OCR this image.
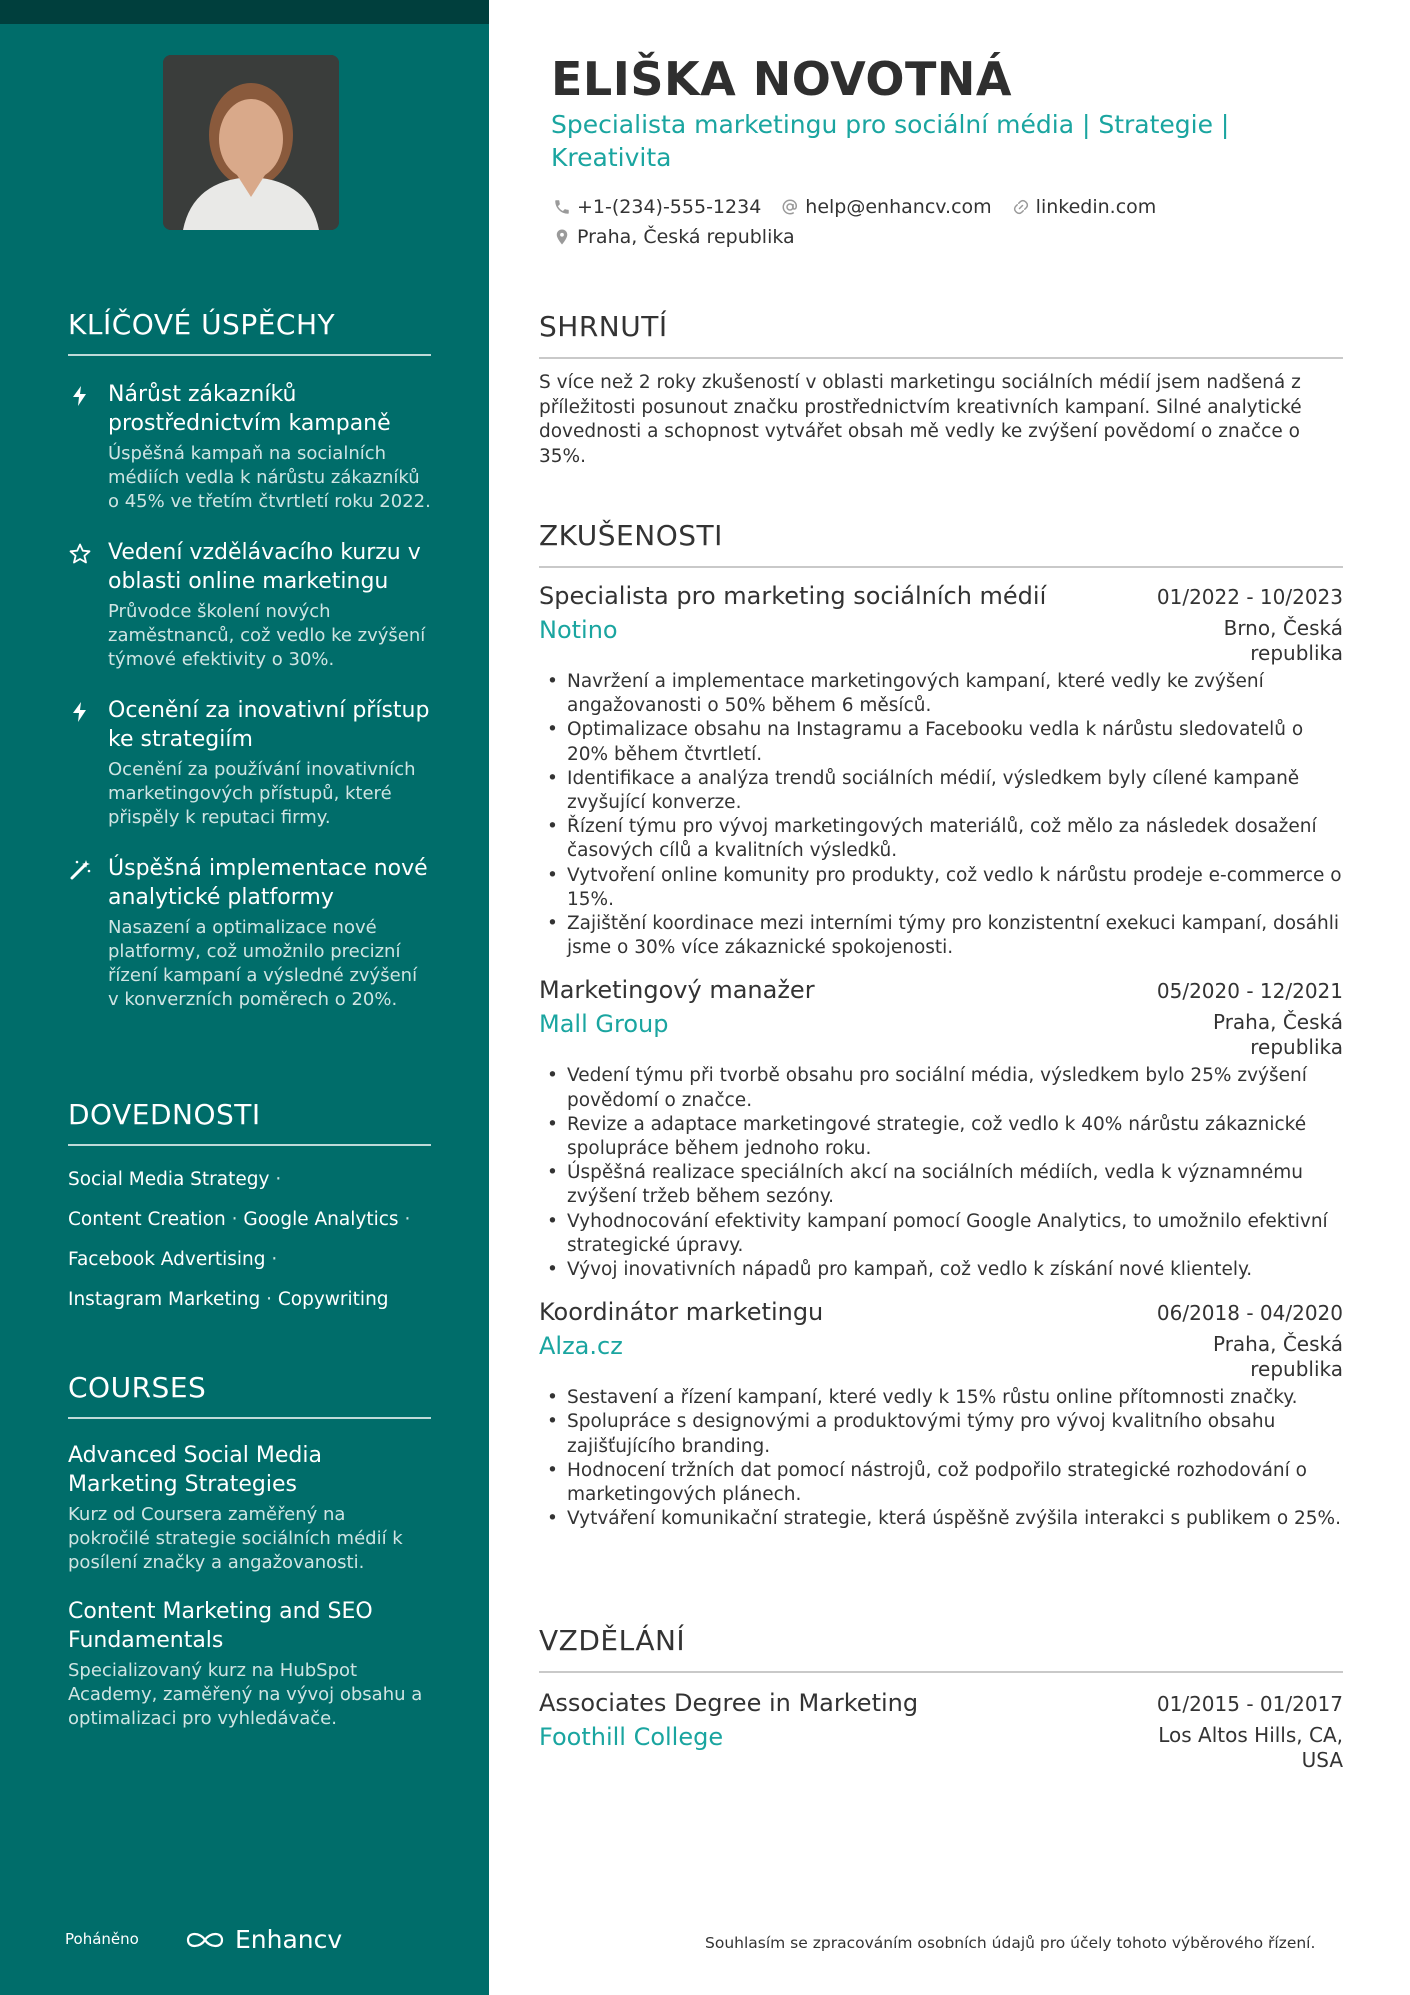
KLÍČOVÉ ÚSPĚCHY
Nárůst zákazníků prostřednictvím kampaně
Úspěšná kampaň na socialních médiích vedla k nárůstu zákazníků o 45% ve třetím čtvrtletí roku 2022.
Vedení vzdělávacího kurzu v oblasti online marketingu
Průvodce školení nových zaměstnanců, což vedlo ke zvýšení týmové efektivity o 30%.
Ocenění za inovativní přístup ke strategiím
Ocenění za používání inovativních marketingových přístupů, které přispěly k reputaci firmy.
Úspěšná implementace nové analytické platformy
Nasazení a optimalizace nové platformy, což umožnilo precizní řízení kampaní a výsledné zvýšení v konverzních poměrech o 20%.
DOVEDNOSTI
Social Media Strategy ·
Content Creation · Google Analytics ·
Facebook Advertising ·
Instagram Marketing · Copywriting
COURSES
Advanced Social Media Marketing Strategies
Kurz od Coursera zaměřený na pokročilé strategie sociálních médií k posílení značky a angažovanosti.
Content Marketing and SEO Fundamentals
Specializovaný kurz na HubSpot Academy, zaměřený na vývoj obsahu a optimalizaci pro vyhledávače.
Poháněno	Enhancv
ELIŠKA NOVOTNÁ
Specialista marketingu pro sociální média | Strategie | Kreativita
+1-(234)-555-1234 help@enhancv.com linkedin.com
Praha, Česká republika
SHRNUTÍ
S více než 2 roky zkušeností v oblasti marketingu sociálních médií jsem nadšená z příležitosti posunout značku prostřednictvím kreativních kampaní. Silné analytické dovednosti a schopnost vytvářet obsah mě vedly ke zvýšení povědomí o značce o 35%.
ZKUŠENOSTI
Specialista pro marketing sociálních médií	01/2022 - 10/2023
Notino	Brno, Česká republika
• Navržení a implementace marketingových kampaní, které vedly ke zvýšení angažovanosti o 50% během 6 měsíců.
• Optimalizace obsahu na Instagramu a Facebooku vedla k nárůstu sledovatelů o 20% během čtvrtletí.
• Identifikace a analýza trendů sociálních médií, výsledkem byly cílené kampaně zvyšující konverze.
• Řízení týmu pro vývoj marketingových materiálů, což mělo za následek dosažení časových cílů a kvalitních výsledků.
• Vytvoření online komunity pro produkty, což vedlo k nárůstu prodeje e-commerce o 15%.
• Zajištění koordinace mezi interními týmy pro konzistentní exekuci kampaní, dosáhli jsme o 30% více zákaznické spokojenosti.
Marketingový manažer	05/2020 - 12/2021
Mall Group	Praha, Česká republika
• Vedení týmu při tvorbě obsahu pro sociální média, výsledkem bylo 25% zvýšení povědomí o značce.
• Revize a adaptace marketingové strategie, což vedlo k 40% nárůstu zákaznické spolupráce během jednoho roku.
• Úspěšná realizace speciálních akcí na sociálních médiích, vedla k významnému zvýšení tržeb během sezóny.
• Vyhodnocování efektivity kampaní pomocí Google Analytics, to umožnilo efektivní strategické úpravy.
• Vývoj inovativních nápadů pro kampaň, což vedlo k získání nové klientely.
Koordinátor marketingu	06/2018 - 04/2020
Alza.cz	Praha, Česká republika
• Sestavení a řízení kampaní, které vedly k 15% růstu online přítomnosti značky.
• Spolupráce s designovými a produktovými týmy pro vývoj kvalitního obsahu zajišťujícího branding.
• Hodnocení tržních dat pomocí nástrojů, což podpořilo strategické rozhodování o marketingových plánech.
• Vytváření komunikační strategie, která úspěšně zvýšila interakci s publikem o 25%.
VZDĚLÁNÍ
Associates Degree in Marketing	01/2015 - 01/2017
Foothill College	Los Altos Hills, CA, USA
Souhlasím se zpracováním osobních údajů pro účely tohoto výběrového řízení.
